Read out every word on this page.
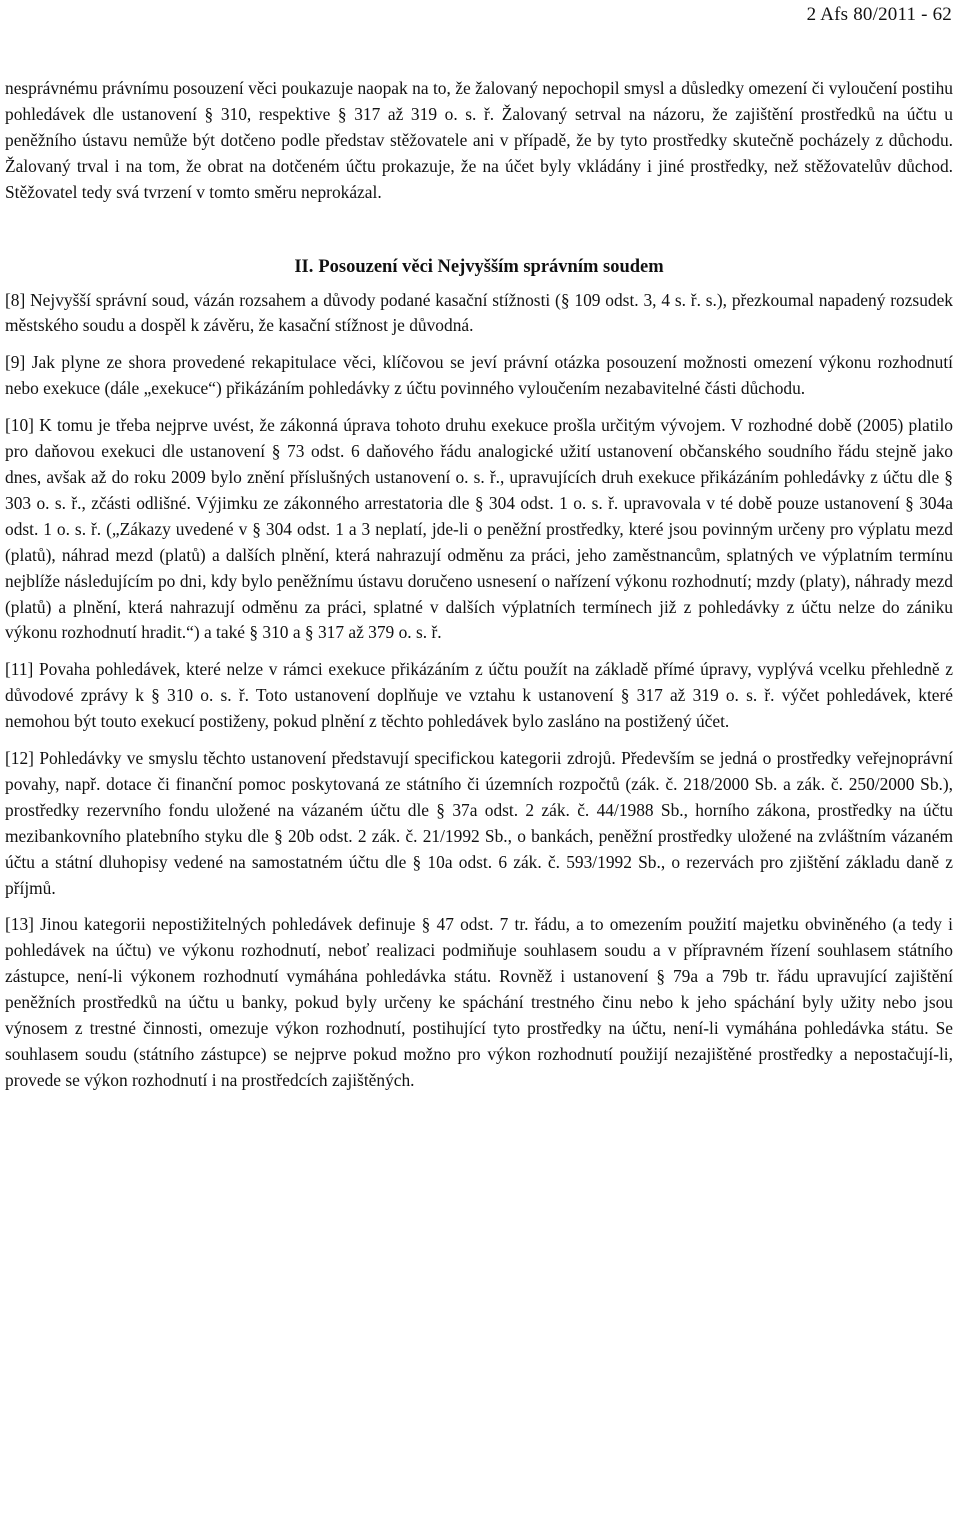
2 Afs 80/2011 - 62

nesprávnému právnímu posouzení věci poukazuje naopak na to, že žalovaný nepochopil smysl a důsledky omezení či vyloučení postihu pohledávek dle ustanovení § 310, respektive § 317 až 319 o. s. ř. Žalovaný setrval na názoru, že zajištění prostředků na účtu u peněžního ústavu nemůže být dotčeno podle představ stěžovatele ani v případě, že by tyto prostředky skutečně pocházely z důchodu. Žalovaný trval i na tom, že obrat na dotčeném účtu prokazuje, že na účet byly vkládány i jiné prostředky, než stěžovatelův důchod. Stěžovatel tedy svá tvrzení v tomto směru neprokázal.

II. Posouzení věci Nejvyšším správním soudem

[8] Nejvyšší správní soud, vázán rozsahem a důvody podané kasační stížnosti (§ 109 odst. 3, 4 s. ř. s.), přezkoumal napadený rozsudek městského soudu a dospěl k závěru, že kasační stížnost je důvodná.

[9] Jak plyne ze shora provedené rekapitulace věci, klíčovou se jeví právní otázka posouzení možnosti omezení výkonu rozhodnutí nebo exekuce (dále „exekuce“) přikázáním pohledávky z účtu povinného vyloučením nezabavitelné části důchodu.

[10] K tomu je třeba nejprve uvést, že zákonná úprava tohoto druhu exekuce prošla určitým vývojem. V rozhodné době (2005) platilo pro daňovou exekuci dle ustanovení § 73 odst. 6 daňového řádu analogické užití ustanovení občanského soudního řádu stejně jako dnes, avšak až do roku 2009 bylo znění příslušných ustanovení o. s. ř., upravujících druh exekuce přikázáním pohledávky z účtu dle § 303 o. s. ř., zčásti odlišné. Výjimku ze zákonného arrestatoria dle § 304 odst. 1 o. s. ř. upravovala v té době pouze ustanovení § 304a odst. 1 o. s. ř. („Zákazy uvedené v § 304 odst. 1 a 3 neplatí, jde-li o peněžní prostředky, které jsou povinným určeny pro výplatu mezd (platů), náhrad mezd (platů) a dalších plnění, která nahrazují odměnu za práci, jeho zaměstnancům, splatných ve výplatním termínu nejblíže následujícím po dni, kdy bylo peněžnímu ústavu doručeno usnesení o nařízení výkonu rozhodnutí; mzdy (platy), náhrady mezd (platů) a plnění, která nahrazují odměnu za práci, splatné v dalších výplatních termínech již z pohledávky z účtu nelze do zániku výkonu rozhodnutí hradit.“) a také § 310 a § 317 až 379 o. s. ř.

[11] Povaha pohledávek, které nelze v rámci exekuce přikázáním z účtu použít na základě přímé úpravy, vyplývá vcelku přehledně z důvodové zprávy k § 310 o. s. ř. Toto ustanovení doplňuje ve vztahu k ustanovení § 317 až 319 o. s. ř. výčet pohledávek, které nemohou být touto exekucí postiženy, pokud plnění z těchto pohledávek bylo zasláno na postižený účet.

[12] Pohledávky ve smyslu těchto ustanovení představují specifickou kategorii zdrojů. Především se jedná o prostředky veřejnoprávní povahy, např. dotace či finanční pomoc poskytovaná ze státního či územních rozpočtů (zák. č. 218/2000 Sb. a zák. č. 250/2000 Sb.), prostředky rezervního fondu uložené na vázaném účtu dle § 37a odst. 2 zák. č. 44/1988 Sb., horního zákona, prostředky na účtu mezibankovního platebního styku dle § 20b odst. 2 zák. č. 21/1992 Sb., o bankách, peněžní prostředky uložené na zvláštním vázaném účtu a státní dluhopisy vedené na samostatném účtu dle § 10a odst. 6 zák. č. 593/1992 Sb., o rezervách pro zjištění základu daně z příjmů.

[13] Jinou kategorii nepostižitelných pohledávek definuje § 47 odst. 7 tr. řádu, a to omezením použití majetku obviněného (a tedy i pohledávek na účtu) ve výkonu rozhodnutí, neboť realizaci podmiňuje souhlasem soudu a v přípravném řízení souhlasem státního zástupce, není-li výkonem rozhodnutí vymáhána pohledávka státu. Rovněž i ustanovení § 79a a 79b tr. řádu upravující zajištění peněžních prostředků na účtu u banky, pokud byly určeny ke spáchání trestného činu nebo k jeho spáchání byly užity nebo jsou výnosem z trestné činnosti, omezuje výkon rozhodnutí, postihující tyto prostředky na účtu, není-li vymáhána pohledávka státu. Se souhlasem soudu (státního zástupce) se nejprve pokud možno pro výkon rozhodnutí použijí nezajištěné prostředky a nepostačují-li, provede se výkon rozhodnutí i na prostředcích zajištěných.
